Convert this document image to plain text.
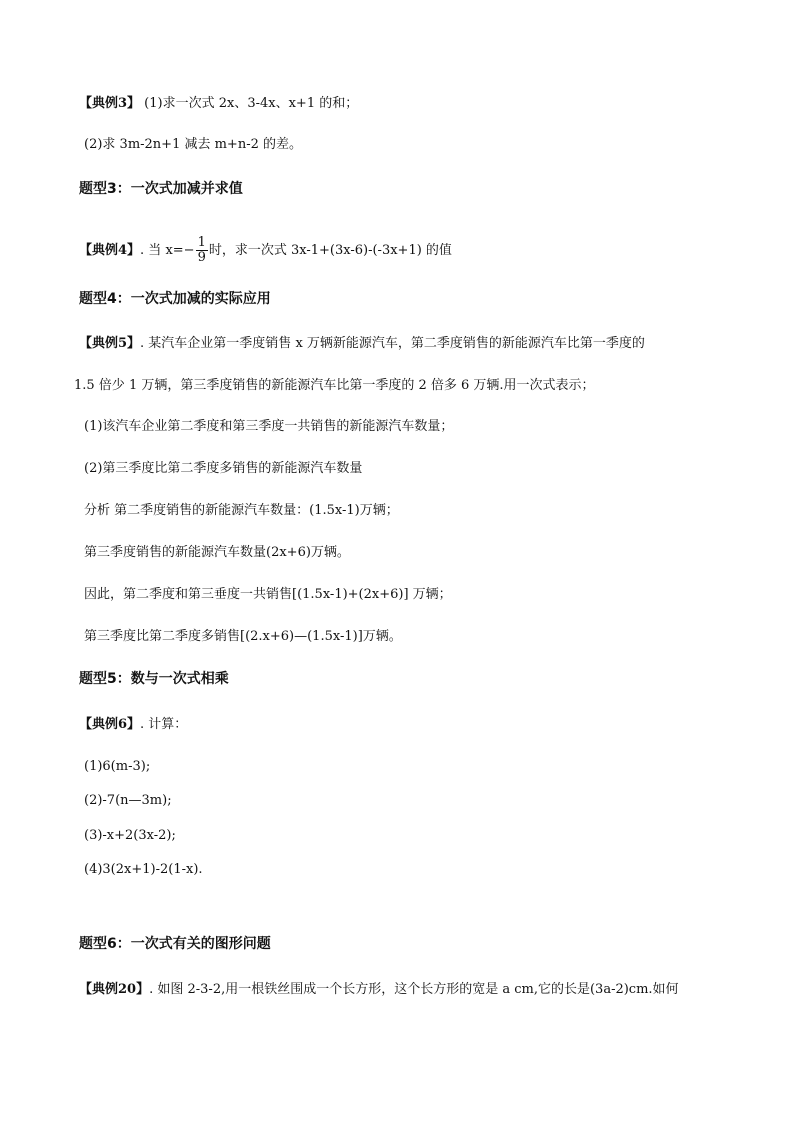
【典例3】 (1)求一次式 2x、3-4x、x+1 的和；
(2)求 3m-2n+1 减去 m+n-2 的差。
题型3：一次式加减并求值
【典例4】. 当 $x=- \frac{1}{9}$ 时，求一次式 3x-1+(3x-6)-(-3x+1) 的值
题型4：一次式加减的实际应用
【典例5】. 某汽车企业第一季度销售 x 万辆新能源汽车，第二季度销售的新能源汽车比第一季度的
1.5 倍少 1 万辆，第三季度销售的新能源汽车比第一季度的 2 倍多 6 万辆.用一次式表示；
(1)该汽车企业第二季度和第三季度一共销售的新能源汽车数量；
(2)第三季度比第二季度多销售的新能源汽车数量
分析 第二季度销售的新能源汽车数量：(1.5x-1)万辆；
第三季度销售的新能源汽车数量(2x+6)万辆。
因此，第二季度和第三垂度一共销售[(1.5x-1)+(2x+6)] 万辆；
第三季度比第二季度多销售[(2.x+6)—(1.5x-1)]万辆。
题型5：数与一次式相乘
【典例6】. 计算：
(1)6(m-3);
(2)-7(n—3m);
(3)-x+2(3x-2);
(4)3(2x+1)-2(1-x).
题型6：一次式有关的图形问题
【典例20】. 如图 2-3-2,用一根铁丝围成一个长方形，这个长方形的宽是 a cm,它的长是(3a-2)cm.如何
